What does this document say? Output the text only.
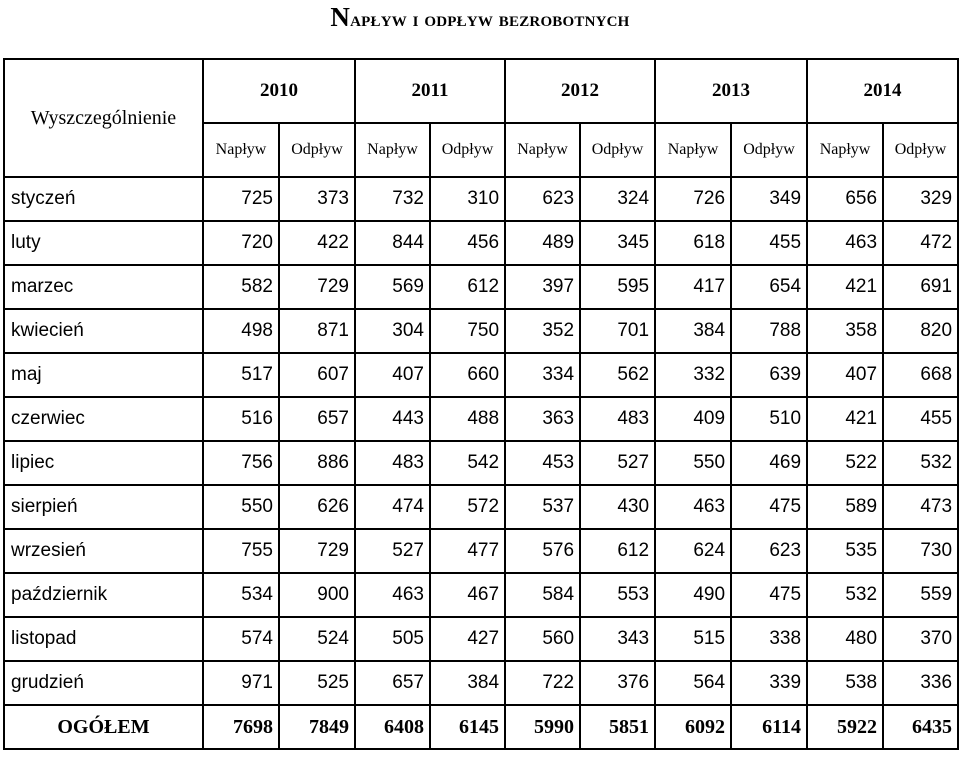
Napływ i odpływ bezrobotnych
Wyszczególnienie	2010		2011		2012		2013		2014	
	Napływ	Odpływ	Napływ	Odpływ	Napływ	Odpływ	Napływ	Odpływ	Napływ	Odpływ
styczeń	725	373	732	310	623	324	726	349	656	329
luty	720	422	844	456	489	345	618	455	463	472
marzec	582	729	569	612	397	595	417	654	421	691
kwiecień	498	871	304	750	352	701	384	788	358	820
maj	517	607	407	660	334	562	332	639	407	668
czerwiec	516	657	443	488	363	483	409	510	421	455
lipiec	756	886	483	542	453	527	550	469	522	532
sierpień	550	626	474	572	537	430	463	475	589	473
wrzesień	755	729	527	477	576	612	624	623	535	730
październik	534	900	463	467	584	553	490	475	532	559
listopad	574	524	505	427	560	343	515	338	480	370
grudzień	971	525	657	384	722	376	564	339	538	336
OGÓŁEM	7698	7849	6408	6145	5990	5851	6092	6114	5922	6435
